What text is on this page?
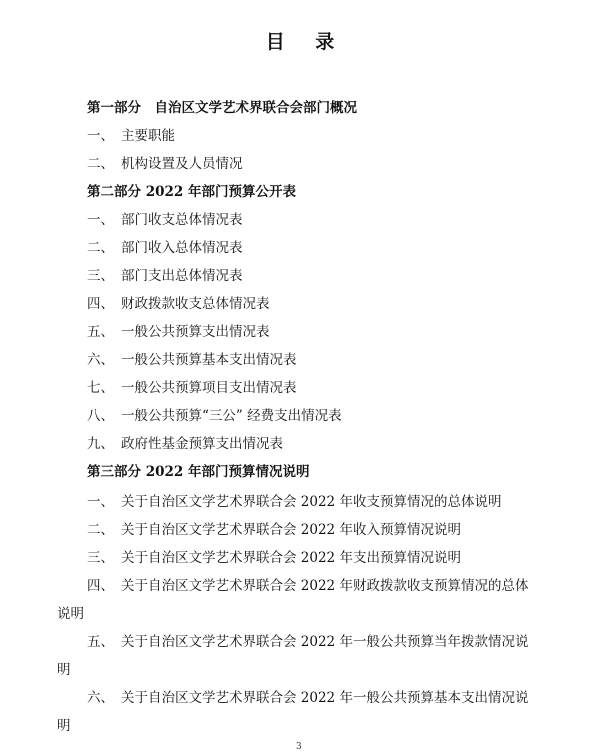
目 录
第一部分　自治区文学艺术界联合会部门概况
一、 主要职能
二、 机构设置及人员情况
第二部分 2022 年部门预算公开表
一、 部门收支总体情况表
二、 部门收入总体情况表
三、 部门支出总体情况表
四、 财政拨款收支总体情况表
五、 一般公共预算支出情况表
六、 一般公共预算基本支出情况表
七、 一般公共预算项目支出情况表
八、 一般公共预算“三公” 经费支出情况表
九、 政府性基金预算支出情况表
第三部分 2022 年部门预算情况说明
一、 关于自治区文学艺术界联合会 2022 年收支预算情况的总体说明
二、 关于自治区文学艺术界联合会 2022 年收入预算情况说明
三、 关于自治区文学艺术界联合会 2022 年支出预算情况说明
四、 关于自治区文学艺术界联合会 2022 年财政拨款收支预算情况的总体
说明
五、 关于自治区文学艺术界联合会 2022 年一般公共预算当年拨款情况说
明
六、 关于自治区文学艺术界联合会 2022 年一般公共预算基本支出情况说
明
3
